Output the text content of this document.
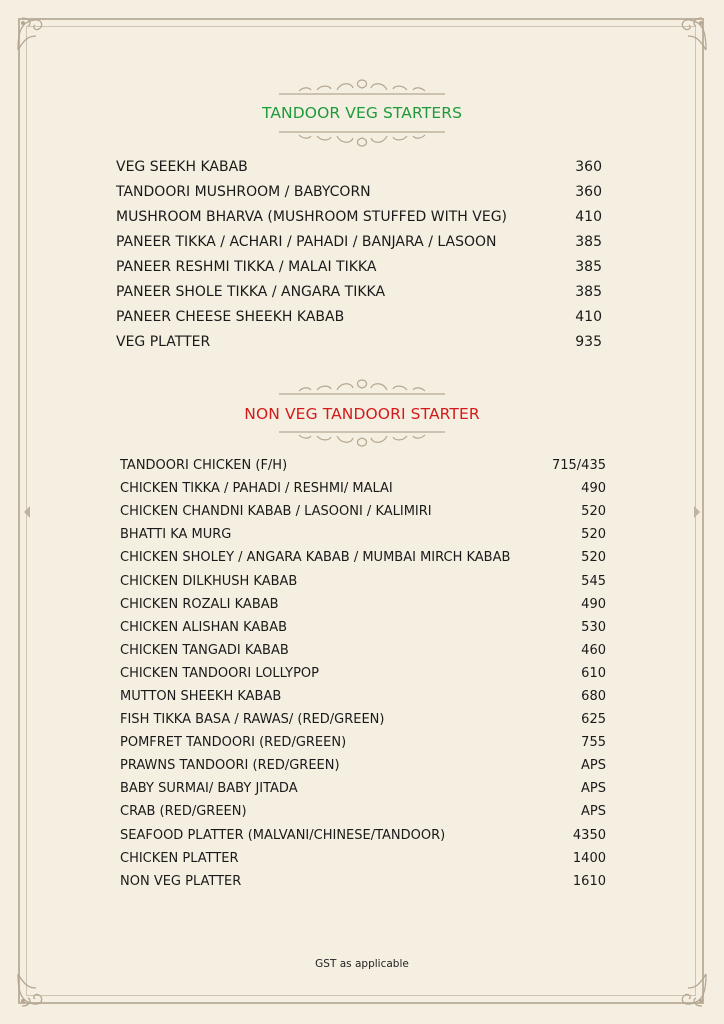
TANDOOR VEG STARTERS
VEG SEEKH KABAB	360
TANDOORI MUSHROOM / BABYCORN	360
MUSHROOM BHARVA (MUSHROOM STUFFED WITH VEG)	410
PANEER TIKKA / ACHARI / PAHADI / BANJARA / LASOON	385
PANEER RESHMI TIKKA / MALAI TIKKA	385
PANEER SHOLE TIKKA / ANGARA TIKKA	385
PANEER CHEESE SHEEKH KABAB	410
VEG PLATTER	935
NON VEG TANDOORI STARTER
TANDOORI CHICKEN (F/H)	715/435
CHICKEN TIKKA / PAHADI / RESHMI/ MALAI	490
CHICKEN CHANDNI KABAB / LASOONI / KALIMIRI	520
BHATTI KA MURG	520
CHICKEN SHOLEY / ANGARA KABAB / MUMBAI MIRCH KABAB	520
CHICKEN DILKHUSH KABAB	545
CHICKEN ROZALI KABAB	490
CHICKEN ALISHAN KABAB	530
CHICKEN TANGADI KABAB	460
CHICKEN TANDOORI LOLLYPOP	610
MUTTON SHEEKH KABAB	680
FISH TIKKA BASA / RAWAS/ (RED/GREEN)	625
POMFRET TANDOORI (RED/GREEN)	755
PRAWNS TANDOORI (RED/GREEN)	APS
BABY SURMAI/ BABY JITADA	APS
CRAB (RED/GREEN)	APS
SEAFOOD PLATTER (MALVANI/CHINESE/TANDOOR)	4350
CHICKEN PLATTER	1400
NON VEG PLATTER	1610
GST as applicable
